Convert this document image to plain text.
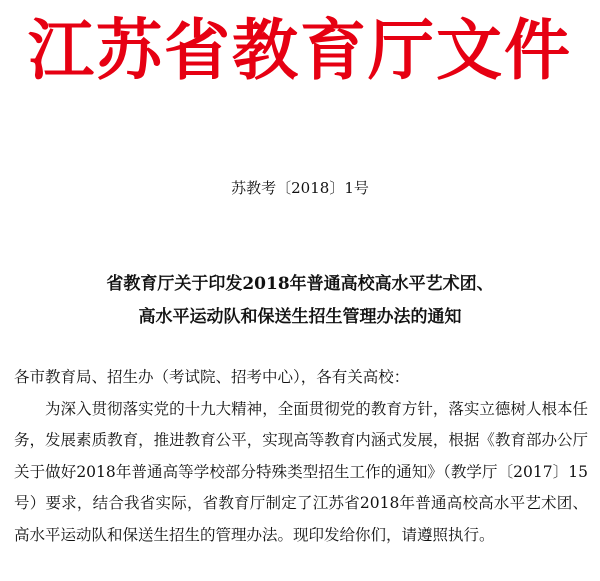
江苏省教育厅文件
苏教考〔2018〕1号
省教育厅关于印发2018年普通高校高水平艺术团、
高水平运动队和保送生招生管理办法的通知

各市教育局、招生办（考试院、招考中心），各有关高校：

为深入贯彻落实党的十九大精神，全面贯彻党的教育方针，落实立德树人根本任务，发展素质教育，推进教育公平，实现高等教育内涵式发展，根据《教育部办公厅关于做好2018年普通高等学校部分特殊类型招生工作的通知》（教学厅〔2017〕15号）要求，结合我省实际，省教育厅制定了江苏省2018年普通高校高水平艺术团、高水平运动队和保送生招生的管理办法。现印发给你们，请遵照执行。
